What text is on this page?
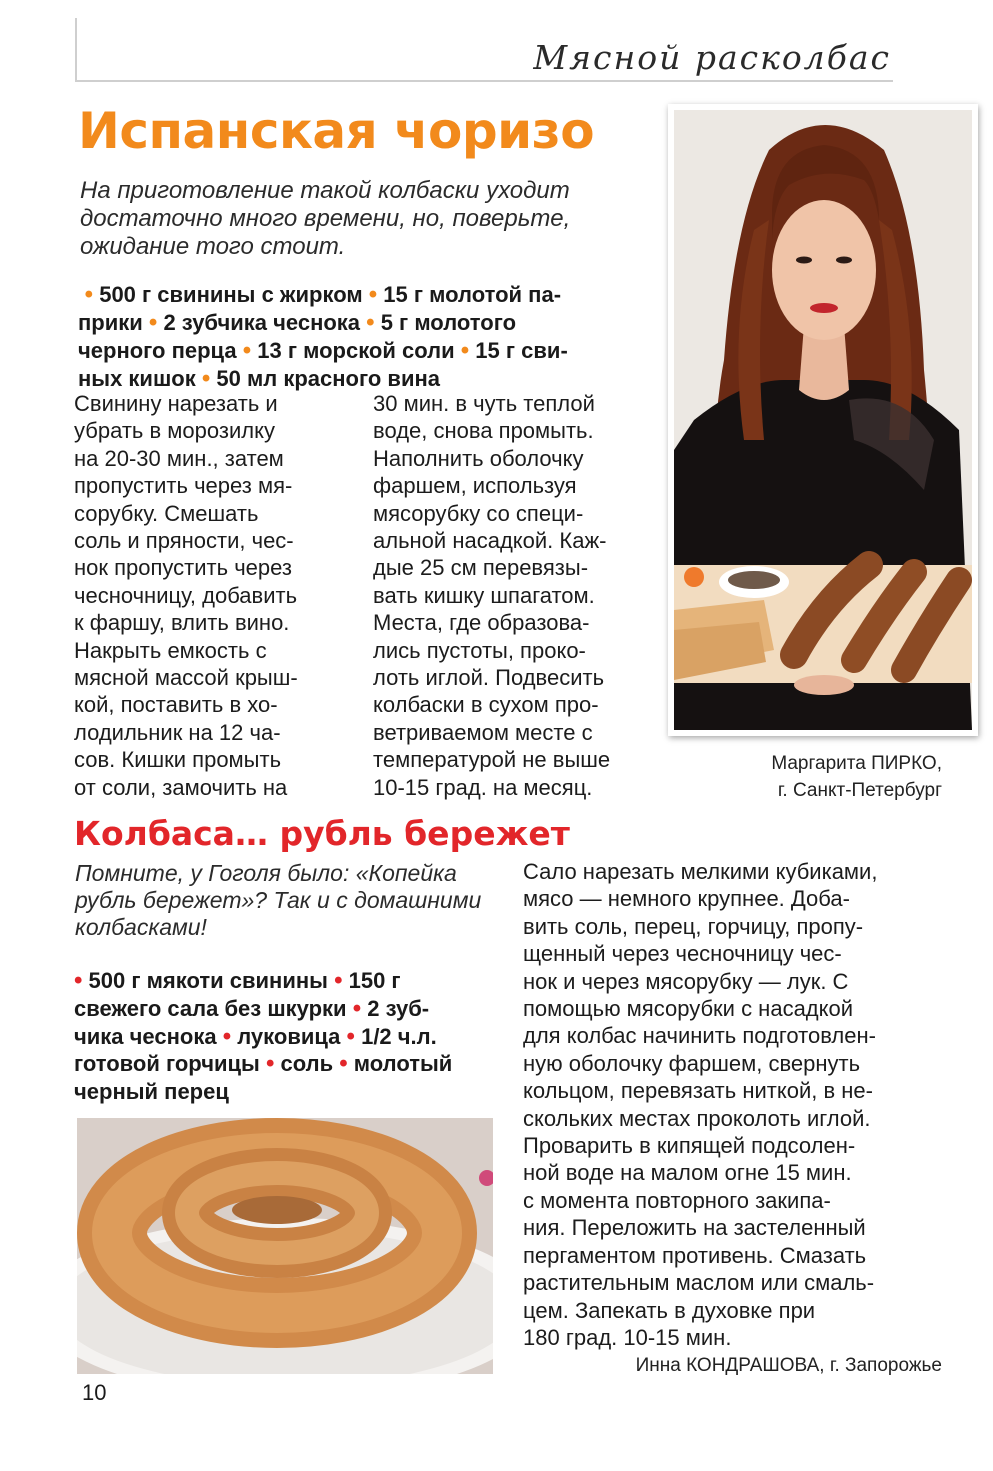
Мясной расколбас
Испанская чоризо
На приготовление такой колбаски уходит
достаточно много времени, но, поверьте,
ожидание того стоит.
• 500 г свинины с жирком • 15 г молотой па-
прики • 2 зубчика чеснока • 5 г молотого
черного перца • 13 г морской соли • 15 г сви-
ных кишок • 50 мл красного вина
Свинину нарезать и
убрать в морозилку
на 20-30 мин., затем
пропустить через мя-
сорубку. Смешать
соль и пряности, чес-
нок пропустить через
чесночницу, добавить
к фаршу, влить вино.
Накрыть емкость с
мясной массой крыш-
кой, поставить в хо-
лодильник на 12 ча-
сов. Кишки промыть
от соли, замочить на
30 мин. в чуть теплой
воде, снова промыть.
Наполнить оболочку
фаршем, используя
мясорубку со специ-
альной насадкой. Каж-
дые 25 см перевязы-
вать кишку шпагатом.
Места, где образова-
лись пустоты, проко-
лоть иглой. Подвесить
колбаски в сухом про-
ветриваемом месте с
температурой не выше
10-15 град. на месяц.
Маргарита ПИРКО,
г. Санкт-Петербург
Колбаса… рубль бережет
Помните, у Гоголя было: «Копейка
рубль бережет»? Так и с домашними
колбасками!
• 500 г мякоти свинины • 150 г
свежего сала без шкурки • 2 зуб-
чика чеснока • луковица • 1/2 ч.л.
готовой горчицы • соль • молотый
черный перец
Сало нарезать мелкими кубиками,
мясо — немного крупнее. Доба-
вить соль, перец, горчицу, пропу-
щенный через чесночницу чес-
нок и через мясорубку — лук. С
помощью мясорубки с насадкой
для колбас начинить подготовлен-
ную оболочку фаршем, свернуть
кольцом, перевязать ниткой, в не-
скольких местах проколоть иглой.
Проварить в кипящей подсолен-
ной воде на малом огне 15 мин.
с момента повторного закипа-
ния. Переложить на застеленный
пергаментом противень. Смазать
растительным маслом или смаль-
цем. Запекать в духовке при
180 град. 10-15 мин.
Инна КОНДРАШОВА, г. Запорожье
10
